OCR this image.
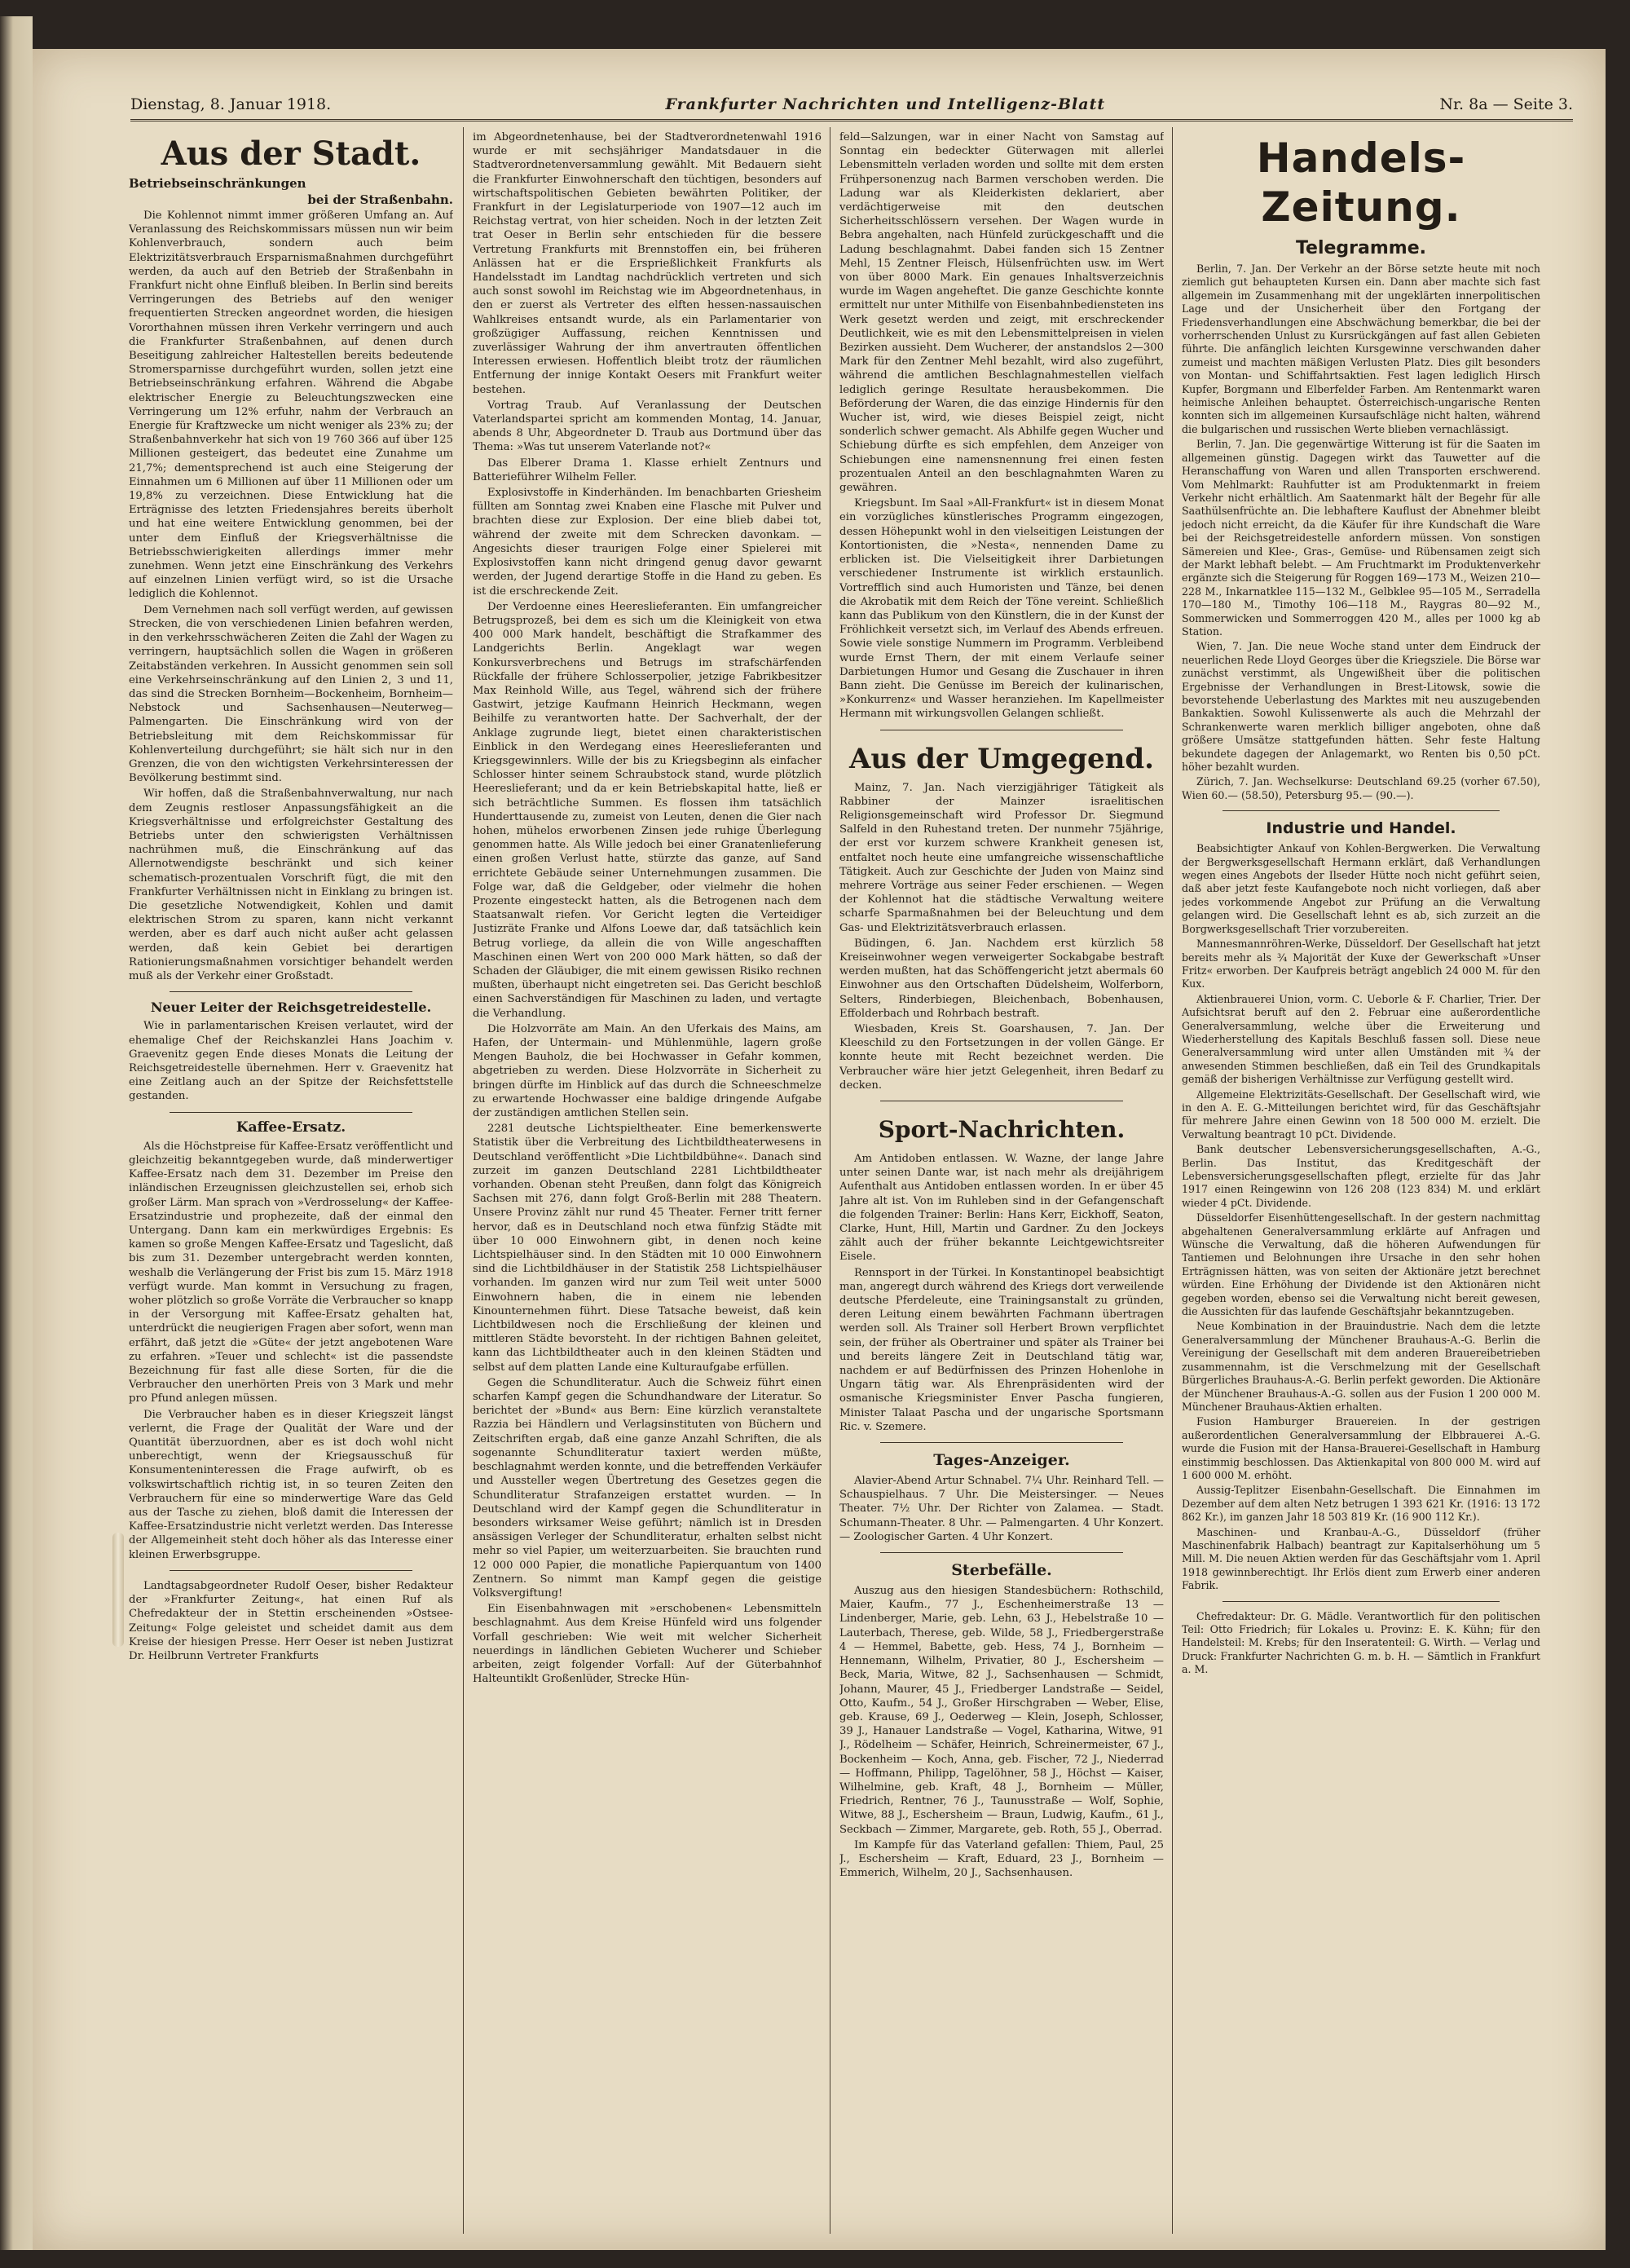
Dienstag, 8. Januar 1918.	Frankfurter Nachrichten und Intelligenz-Blatt	Nr. 8a — Seite 3.
Aus der Stadt.
Betriebseinschränkungen
bei der Straßenbahn.

Die Kohlennot nimmt immer größeren Umfang an. Auf Veranlassung des Reichskommissars müssen nun wir beim Kohlenverbrauch, sondern auch beim Elektrizitätsverbrauch Ersparnismaßnahmen durchgeführt werden, da auch auf den Betrieb der Straßenbahn in Frankfurt nicht ohne Einfluß bleiben. In Berlin sind bereits Verringerungen des Betriebs auf den weniger frequentierten Strecken angeordnet worden, die hiesigen Vororthahnen müssen ihren Verkehr verringern und auch die Frankfurter Straßenbahnen, auf denen durch Beseitigung zahlreicher Haltestellen bereits bedeutende Stromersparnisse durchgeführt wurden, sollen jetzt eine Betriebseinschränkung erfahren. Während die Abgabe elektrischer Energie zu Beleuchtungszwecken eine Verringerung um 12% erfuhr, nahm der Verbrauch an Energie für Kraftzwecke um nicht weniger als 23% zu; der Straßenbahnverkehr hat sich von 19 760 366 auf über 125 Millionen gesteigert, das bedeutet eine Zunahme um 21,7%; dementsprechend ist auch eine Steigerung der Einnahmen um 6 Millionen auf über 11 Millionen oder um 19,8% zu verzeichnen. Diese Entwicklung hat die Erträgnisse des letzten Friedensjahres bereits überholt und hat eine weitere Entwicklung genommen, bei der unter dem Einfluß der Kriegsverhältnisse die Betriebsschwierigkeiten allerdings immer mehr zunehmen. Wenn jetzt eine Einschränkung des Verkehrs auf einzelnen Linien verfügt wird, so ist die Ursache lediglich die Kohlennot.

Dem Vernehmen nach soll verfügt werden, auf gewissen Strecken, die von verschiedenen Linien befahren werden, in den verkehrsschwächeren Zeiten die Zahl der Wagen zu verringern, hauptsächlich sollen die Wagen in größeren Zeitabständen verkehren. In Aussicht genommen sein soll eine Verkehrseinschränkung auf den Linien 2, 3 und 11, das sind die Strecken Bornheim—Bockenheim, Bornheim—Nebstock und Sachsenhausen—Neuterweg—Palmengarten. Die Einschränkung wird von der Betriebsleitung mit dem Reichskommissar für Kohlenverteilung durchgeführt; sie hält sich nur in den Grenzen, die von den wichtigsten Verkehrsinteressen der Bevölkerung bestimmt sind.

Wir hoffen, daß die Straßenbahnverwaltung, nur nach dem Zeugnis restloser Anpassungsfähigkeit an die Kriegsverhältnisse und erfolgreichster Gestaltung des Betriebs unter den schwierigsten Verhältnissen nachrühmen muß, die Einschränkung auf das Allernotwendigste beschränkt und sich keiner schematisch-prozentualen Vorschrift fügt, die mit den Frankfurter Verhältnissen nicht in Einklang zu bringen ist. Die gesetzliche Notwendigkeit, Kohlen und damit elektrischen Strom zu sparen, kann nicht verkannt werden, aber es darf auch nicht außer acht gelassen werden, daß kein Gebiet bei derartigen Rationierungsmaßnahmen vorsichtiger behandelt werden muß als der Verkehr einer Großstadt.

Neuer Leiter der Reichsgetreidestelle.

Wie in parlamentarischen Kreisen verlautet, wird der ehemalige Chef der Reichskanzlei Hans Joachim v. Graevenitz gegen Ende dieses Monats die Leitung der Reichsgetreidestelle übernehmen. Herr v. Graevenitz hat eine Zeitlang auch an der Spitze der Reichsfettstelle gestanden.

Kaffee-Ersatz.

Als die Höchstpreise für Kaffee-Ersatz veröffentlicht und gleichzeitig bekanntgegeben wurde, daß minderwertiger Kaffee-Ersatz nach dem 31. Dezember im Preise den inländischen Erzeugnissen gleichzustellen sei, erhob sich großer Lärm. Man sprach von »Verdrosselung« der Kaffee-Ersatzindustrie und prophezeite, daß der einmal den Untergang. Dann kam ein merkwürdiges Ergebnis: Es kamen so große Mengen Kaffee-Ersatz und Tageslicht, daß bis zum 31. Dezember untergebracht werden konnten, weshalb die Verlängerung der Frist bis zum 15. März 1918 verfügt wurde. Man kommt in Versuchung zu fragen, woher plötzlich so große Vorräte die Verbraucher so knapp in der Versorgung mit Kaffee-Ersatz gehalten hat, unterdrückt die neugierigen Fragen aber sofort, wenn man erfährt, daß jetzt die »Güte« der jetzt angebotenen Ware zu erfahren. »Teuer und schlecht« ist die passendste Bezeichnung für fast alle diese Sorten, für die die Verbraucher den unerhörten Preis von 3 Mark und mehr pro Pfund anlegen müssen.

Die Verbraucher haben es in dieser Kriegszeit längst verlernt, die Frage der Qualität der Ware und der Quantität überzuordnen, aber es ist doch wohl nicht unberechtigt, wenn der Kriegsausschuß für Konsumenteninteressen die Frage aufwirft, ob es volkswirtschaftlich richtig ist, in so teuren Zeiten den Verbrauchern für eine so minderwertige Ware das Geld aus der Tasche zu ziehen, bloß damit die Interessen der Kaffee-Ersatzindustrie nicht verletzt werden. Das Interesse der Allgemeinheit steht doch höher als das Interesse einer kleinen Erwerbsgruppe.

Landtagsabgeordneter Rudolf Oeser, bisher Redakteur der »Frankfurter Zeitung«, hat einen Ruf als Chefredakteur der in Stettin erscheinenden »Ostsee-Zeitung« Folge geleistet und scheidet damit aus dem Kreise der hiesigen Presse. Herr Oeser ist neben Justizrat Dr. Heilbrunn Vertreter Frankfurts

im Abgeordnetenhause, bei der Stadtverordnetenwahl 1916 wurde er mit sechsjähriger Mandatsdauer in die Stadtverordnetenversammlung gewählt. Mit Bedauern sieht die Frankfurter Einwohnerschaft den tüchtigen, besonders auf wirtschaftspolitischen Gebieten bewährten Politiker, der Frankfurt in der Legislaturperiode von 1907—12 auch im Reichstag vertrat, von hier scheiden. Noch in der letzten Zeit trat Oeser in Berlin sehr entschieden für die bessere Vertretung Frankfurts mit Brennstoffen ein, bei früheren Anlässen hat er die Ersprießlichkeit Frankfurts als Handelsstadt im Landtag nachdrücklich vertreten und sich auch sonst sowohl im Reichstag wie im Abgeordnetenhaus, in den er zuerst als Vertreter des elften hessen-nassauischen Wahlkreises entsandt wurde, als ein Parlamentarier von großzügiger Auffassung, reichen Kenntnissen und zuverlässiger Wahrung der ihm anvertrauten öffentlichen Interessen erwiesen. Hoffentlich bleibt trotz der räumlichen Entfernung der innige Kontakt Oesers mit Frankfurt weiter bestehen.

Vortrag Traub. Auf Veranlassung der Deutschen Vaterlandspartei spricht am kommenden Montag, 14. Januar, abends 8 Uhr, Abgeordneter D. Traub aus Dortmund über das Thema: »Was tut unserem Vaterlande not?«

Das Elberer Drama 1. Klasse erhielt Zentnurs und Batterieführer Wilhelm Feller.

Explosivstoffe in Kinderhänden. Im benachbarten Griesheim füllten am Sonntag zwei Knaben eine Flasche mit Pulver und brachten diese zur Explosion. Der eine blieb dabei tot, während der zweite mit dem Schrecken davonkam. — Angesichts dieser traurigen Folge einer Spielerei mit Explosivstoffen kann nicht dringend genug davor gewarnt werden, der Jugend derartige Stoffe in die Hand zu geben. Es ist die erschreckende Zeit.

Der Verdoenne eines Heereslieferanten. Ein umfangreicher Betrugsprozeß, bei dem es sich um die Kleinigkeit von etwa 400 000 Mark handelt, beschäftigt die Strafkammer des Landgerichts Berlin. Angeklagt war wegen Konkursverbrechens und Betrugs im strafschärfenden Rückfalle der frühere Schlosserpolier, jetzige Fabrikbesitzer Max Reinhold Wille, aus Tegel, während sich der frühere Gastwirt, jetzige Kaufmann Heinrich Heckmann, wegen Beihilfe zu verantworten hatte. Der Sachverhalt, der der Anklage zugrunde liegt, bietet einen charakteristischen Einblick in den Werdegang eines Heereslieferanten und Kriegsgewinnlers. Wille der bis zu Kriegsbeginn als einfacher Schlosser hinter seinem Schraubstock stand, wurde plötzlich Heereslieferant; und da er kein Betriebskapital hatte, ließ er sich beträchtliche Summen. Es flossen ihm tatsächlich Hunderttausende zu, zumeist von Leuten, denen die Gier nach hohen, mühelos erworbenen Zinsen jede ruhige Überlegung genommen hatte. Als Wille jedoch bei einer Granatenlieferung einen großen Verlust hatte, stürzte das ganze, auf Sand errichtete Gebäude seiner Unternehmungen zusammen. Die Folge war, daß die Geldgeber, oder vielmehr die hohen Prozente eingesteckt hatten, als die Betrogenen nach dem Staatsanwalt riefen. Vor Gericht legten die Verteidiger Justizräte Franke und Alfons Loewe dar, daß tatsächlich kein Betrug vorliege, da allein die von Wille angeschafften Maschinen einen Wert von 200 000 Mark hätten, so daß der Schaden der Gläubiger, die mit einem gewissen Risiko rechnen mußten, überhaupt nicht eingetreten sei. Das Gericht beschloß einen Sachverständigen für Maschinen zu laden, und vertagte die Verhandlung.

Die Holzvorräte am Main. An den Uferkais des Mains, am Hafen, der Untermain- und Mühlenmühle, lagern große Mengen Bauholz, die bei Hochwasser in Gefahr kommen, abgetrieben zu werden. Diese Holzvorräte in Sicherheit zu bringen dürfte im Hinblick auf das durch die Schneeschmelze zu erwartende Hochwasser eine baldige dringende Aufgabe der zuständigen amtlichen Stellen sein.

2281 deutsche Lichtspieltheater. Eine bemerkenswerte Statistik über die Verbreitung des Lichtbildtheaterwesens in Deutschland veröffentlicht »Die Lichtbildbühne«. Danach sind zurzeit im ganzen Deutschland 2281 Lichtbildtheater vorhanden. Obenan steht Preußen, dann folgt das Königreich Sachsen mit 276, dann folgt Groß-Berlin mit 288 Theatern. Unsere Provinz zählt nur rund 45 Theater. Ferner tritt ferner hervor, daß es in Deutschland noch etwa fünfzig Städte mit über 10 000 Einwohnern gibt, in denen noch keine Lichtspielhäuser sind. In den Städten mit 10 000 Einwohnern sind die Lichtbildhäuser in der Statistik 258 Lichtspielhäuser vorhanden. Im ganzen wird nur zum Teil weit unter 5000 Einwohnern haben, die in einem nie lebenden Kinounternehmen führt. Diese Tatsache beweist, daß kein Lichtbildwesen noch die Erschließung der kleinen und mittleren Städte bevorsteht. In der richtigen Bahnen geleitet, kann das Lichtbildtheater auch in den kleinen Städten und selbst auf dem platten Lande eine Kulturaufgabe erfüllen.

Gegen die Schundliteratur. Auch die Schweiz führt einen scharfen Kampf gegen die Schundhandware der Literatur. So berichtet der »Bund« aus Bern: Eine kürzlich veranstaltete Razzia bei Händlern und Verlagsinstituten von Büchern und Zeitschriften ergab, daß eine ganze Anzahl Schriften, die als sogenannte Schundliteratur taxiert werden müßte, beschlagnahmt werden konnte, und die betreffenden Verkäufer und Aussteller wegen Übertretung des Gesetzes gegen die Schundliteratur Strafanzeigen erstattet wurden. — In Deutschland wird der Kampf gegen die Schundliteratur in besonders wirksamer Weise geführt; nämlich ist in Dresden ansässigen Verleger der Schundliteratur, erhalten selbst nicht mehr so viel Papier, um weiterzuarbeiten. Sie brauchten rund 12 000 000 Papier, die monatliche Papierquantum von 1400 Zentnern. So nimmt man Kampf gegen die geistige Volksvergiftung!

Ein Eisenbahnwagen mit »erschobenen« Lebensmitteln beschlagnahmt. Aus dem Kreise Hünfeld wird uns folgender Vorfall geschrieben: Wie weit mit welcher Sicherheit neuerdings in ländlichen Gebieten Wucherer und Schieber arbeiten, zeigt folgender Vorfall: Auf der Güterbahnhof Halteuntiklt Großenlüder, Strecke Hün-

feld—Salzungen, war in einer Nacht von Samstag auf Sonntag ein bedeckter Güterwagen mit allerlei Lebensmitteln verladen worden und sollte mit dem ersten Frühpersonenzug nach Barmen verschoben werden. Die Ladung war als Kleiderkisten deklariert, aber verdächtigerweise mit den deutschen Sicherheitsschlössern versehen. Der Wagen wurde in Bebra angehalten, nach Hünfeld zurückgeschafft und die Ladung beschlagnahmt. Dabei fanden sich 15 Zentner Mehl, 15 Zentner Fleisch, Hülsenfrüchten usw. im Wert von über 8000 Mark. Ein genaues Inhaltsverzeichnis wurde im Wagen angeheftet. Die ganze Geschichte konnte ermittelt nur unter Mithilfe von Eisenbahnbediensteten ins Werk gesetzt werden und zeigt, mit erschreckender Deutlichkeit, wie es mit den Lebensmittelpreisen in vielen Bezirken aussieht. Dem Wucherer, der anstandslos 2—300 Mark für den Zentner Mehl bezahlt, wird also zugeführt, während die amtlichen Beschlagnahmestellen vielfach lediglich geringe Resultate herausbekommen. Die Beförderung der Waren, die das einzige Hindernis für den Wucher ist, wird, wie dieses Beispiel zeigt, nicht sonderlich schwer gemacht. Als Abhilfe gegen Wucher und Schiebung dürfte es sich empfehlen, dem Anzeiger von Schiebungen eine namensnennung frei einen festen prozentualen Anteil an den beschlagnahmten Waren zu gewähren.

Kriegsbunt. Im Saal »All-Frankfurt« ist in diesem Monat ein vorzügliches künstlerisches Programm eingezogen, dessen Höhepunkt wohl in den vielseitigen Leistungen der Kontortionisten, die »Nesta«, nennenden Dame zu erblicken ist. Die Vielseitigkeit ihrer Darbietungen verschiedener Instrumente ist wirklich erstaunlich. Vortrefflich sind auch Humoristen und Tänze, bei denen die Akrobatik mit dem Reich der Töne vereint. Schließlich kann das Publikum von den Künstlern, die in der Kunst der Fröhlichkeit versetzt sich, im Verlauf des Abends erfreuen. Sowie viele sonstige Nummern im Programm. Verbleibend wurde Ernst Thern, der mit einem Verlaufe seiner Darbietungen Humor und Gesang die Zuschauer in ihren Bann zieht. Die Genüsse im Bereich der kulinarischen, »Konkurrenz« und Wasser heranziehen. Im Kapellmeister Hermann mit wirkungsvollen Gelangen schließt.

Aus der Umgegend.

Mainz, 7. Jan. Nach vierzigjähriger Tätigkeit als Rabbiner der Mainzer israelitischen Religionsgemeinschaft wird Professor Dr. Siegmund Salfeld in den Ruhestand treten. Der nunmehr 75jährige, der erst vor kurzem schwere Krankheit genesen ist, entfaltet noch heute eine umfangreiche wissenschaftliche Tätigkeit. Auch zur Geschichte der Juden von Mainz sind mehrere Vorträge aus seiner Feder erschienen. — Wegen der Kohlennot hat die städtische Verwaltung weitere scharfe Sparmaßnahmen bei der Beleuchtung und dem Gas- und Elektrizitätsverbrauch erlassen.

Büdingen, 6. Jan. Nachdem erst kürzlich 58 Kreiseinwohner wegen verweigerter Sockabgabe bestraft werden mußten, hat das Schöffengericht jetzt abermals 60 Einwohner aus den Ortschaften Düdelsheim, Wolferborn, Selters, Rinderbiegen, Bleichenbach, Bobenhausen, Effolderbach und Rohrbach bestraft.

Wiesbaden, Kreis St. Goarshausen, 7. Jan. Der Kleeschild zu den Fortsetzungen in der vollen Gänge. Er konnte heute mit Recht bezeichnet werden. Die Verbraucher wäre hier jetzt Gelegenheit, ihren Bedarf zu decken.

Sport-Nachrichten.

Am Antidoben entlassen. W. Wazne, der lange Jahre unter seinen Dante war, ist nach mehr als dreijährigem Aufenthalt aus Antidoben entlassen worden. In er über 45 Jahre alt ist. Von im Ruhleben sind in der Gefangenschaft die folgenden Trainer: Berlin: Hans Kerr, Eickhoff, Seaton, Clarke, Hunt, Hill, Martin und Gardner. Zu den Jockeys zählt auch der früher bekannte Leichtgewichtsreiter Eisele.

Rennsport in der Türkei. In Konstantinopel beabsichtigt man, angeregt durch während des Kriegs dort verweilende deutsche Pferdeleute, eine Trainingsanstalt zu gründen, deren Leitung einem bewährten Fachmann übertragen werden soll. Als Trainer soll Herbert Brown verpflichtet sein, der früher als Obertrainer und später als Trainer bei und bereits längere Zeit in Deutschland tätig war, nachdem er auf Bedürfnissen des Prinzen Hohenlohe in Ungarn tätig war. Als Ehrenpräsidenten wird der osmanische Kriegsminister Enver Pascha fungieren, Minister Talaat Pascha und der ungarische Sportsmann Ric. v. Szemere.

Tages-Anzeiger.

Alavier-Abend Artur Schnabel. 7¼ Uhr. Reinhard Tell. — Schauspielhaus. 7 Uhr. Die Meistersinger. — Neues Theater. 7½ Uhr. Der Richter von Zalamea. — Stadt. Schumann-Theater. 8 Uhr. — Palmengarten. 4 Uhr Konzert. — Zoologischer Garten. 4 Uhr Konzert.

Sterbefälle.

Auszug aus den hiesigen Standesbüchern: Rothschild, Maier, Kaufm., 77 J., Eschenheimerstraße 13 — Lindenberger, Marie, geb. Lehn, 63 J., Hebelstraße 10 — Lauterbach, Therese, geb. Wilde, 58 J., Friedbergerstraße 4 — Hemmel, Babette, geb. Hess, 74 J., Bornheim — Hennemann, Wilhelm, Privatier, 80 J., Eschersheim — Beck, Maria, Witwe, 82 J., Sachsenhausen — Schmidt, Johann, Maurer, 45 J., Friedberger Landstraße — Seidel, Otto, Kaufm., 54 J., Großer Hirschgraben — Weber, Elise, geb. Krause, 69 J., Oederweg — Klein, Joseph, Schlosser, 39 J., Hanauer Landstraße — Vogel, Katharina, Witwe, 91 J., Rödelheim — Schäfer, Heinrich, Schreinermeister, 67 J., Bockenheim — Koch, Anna, geb. Fischer, 72 J., Niederrad — Hoffmann, Philipp, Tagelöhner, 58 J., Höchst — Kaiser, Wilhelmine, geb. Kraft, 48 J., Bornheim — Müller, Friedrich, Rentner, 76 J., Taunusstraße — Wolf, Sophie, Witwe, 88 J., Eschersheim — Braun, Ludwig, Kaufm., 61 J., Seckbach — Zimmer, Margarete, geb. Roth, 55 J., Oberrad.

Im Kampfe für das Vaterland gefallen: Thiem, Paul, 25 J., Eschersheim — Kraft, Eduard, 23 J., Bornheim — Emmerich, Wilhelm, 20 J., Sachsenhausen.

Handels-Zeitung.
Telegramme.

Berlin, 7. Jan. Der Verkehr an der Börse setzte heute mit noch ziemlich gut behaupteten Kursen ein. Dann aber machte sich fast allgemein im Zusammenhang mit der ungeklärten innerpolitischen Lage und der Unsicherheit über den Fortgang der Friedensverhandlungen eine Abschwächung bemerkbar, die bei der vorherrschenden Unlust zu Kursrückgängen auf fast allen Gebieten führte. Die anfänglich leichten Kursgewinne verschwanden daher zumeist und machten mäßigen Verlusten Platz. Dies gilt besonders von Montan- und Schiffahrtsaktien. Fest lagen lediglich Hirsch Kupfer, Borgmann und Elberfelder Farben. Am Rentenmarkt waren heimische Anleihen behauptet. Österreichisch-ungarische Renten konnten sich im allgemeinen Kursaufschläge nicht halten, während die bulgarischen und russischen Werte blieben vernachlässigt.

Berlin, 7. Jan. Die gegenwärtige Witterung ist für die Saaten im allgemeinen günstig. Dagegen wirkt das Tauwetter auf die Heranschaffung von Waren und allen Transporten erschwerend. Vom Mehlmarkt: Rauhfutter ist am Produktenmarkt in freiem Verkehr nicht erhältlich. Am Saatenmarkt hält der Begehr für alle Saathülsenfrüchte an. Die lebhaftere Kauflust der Abnehmer bleibt jedoch nicht erreicht, da die Käufer für ihre Kundschaft die Ware bei der Reichsgetreidestelle anfordern müssen. Von sonstigen Sämereien und Klee-, Gras-, Gemüse- und Rübensamen zeigt sich der Markt lebhaft belebt. — Am Fruchtmarkt im Produktenverkehr ergänzte sich die Steigerung für Roggen 169—173 M., Weizen 210—228 M., Inkarnatklee 115—132 M., Gelbklee 95—105 M., Serradella 170—180 M., Timothy 106—118 M., Raygras 80—92 M., Sommerwicken und Sommerroggen 420 M., alles per 1000 kg ab Station.

Wien, 7. Jan. Die neue Woche stand unter dem Eindruck der neuerlichen Rede Lloyd Georges über die Kriegsziele. Die Börse war zunächst verstimmt, als Ungewißheit über die politischen Ergebnisse der Verhandlungen in Brest-Litowsk, sowie die bevorstehende Ueberlastung des Marktes mit neu auszugebenden Bankaktien. Sowohl Kulissenwerte als auch die Mehrzahl der Schrankenwerte waren merklich billiger angeboten, ohne daß größere Umsätze stattgefunden hätten. Sehr feste Haltung bekundete dagegen der Anlagemarkt, wo Renten bis 0,50 pCt. höher bezahlt wurden.

Zürich, 7. Jan. Wechselkurse: Deutschland 69.25 (vorher 67.50), Wien 60.— (58.50), Petersburg 95.— (90.—).

Industrie und Handel.

Beabsichtigter Ankauf von Kohlen-Bergwerken. Die Verwaltung der Bergwerksgesellschaft Hermann erklärt, daß Verhandlungen wegen eines Angebots der Ilseder Hütte noch nicht geführt seien, daß aber jetzt feste Kaufangebote noch nicht vorliegen, daß aber jedes vorkommende Angebot zur Prüfung an die Verwaltung gelangen wird. Die Gesellschaft lehnt es ab, sich zurzeit an die Borgwerksgesellschaft Trier vorzubereiten.

Mannesmannröhren-Werke, Düsseldorf. Der Gesellschaft hat jetzt bereits mehr als ¾ Majorität der Kuxe der Gewerkschaft »Unser Fritz« erworben. Der Kaufpreis beträgt angeblich 24 000 M. für den Kux.

Aktienbrauerei Union, vorm. C. Ueborle & F. Charlier, Trier. Der Aufsichtsrat beruft auf den 2. Februar eine außerordentliche Generalversammlung, welche über die Erweiterung und Wiederherstellung des Kapitals Beschluß fassen soll. Diese neue Generalversammlung wird unter allen Umständen mit ¾ der anwesenden Stimmen beschließen, daß ein Teil des Grundkapitals gemäß der bisherigen Verhältnisse zur Verfügung gestellt wird.

Allgemeine Elektrizitäts-Gesellschaft. Der Gesellschaft wird, wie in den A. E. G.-Mitteilungen berichtet wird, für das Geschäftsjahr für mehrere Jahre einen Gewinn von 18 500 000 M. erzielt. Die Verwaltung beantragt 10 pCt. Dividende.

Bank deutscher Lebensversicherungsgesellschaften, A.-G., Berlin. Das Institut, das Kreditgeschäft der Lebensversicherungsgesellschaften pflegt, erzielte für das Jahr 1917 einen Reingewinn von 126 208 (123 834) M. und erklärt wieder 4 pCt. Dividende.

Düsseldorfer Eisenhüttengesellschaft. In der gestern nachmittag abgehaltenen Generalversammlung erklärte auf Anfragen und Wünsche die Verwaltung, daß die höheren Aufwendungen für Tantiemen und Belohnungen ihre Ursache in den sehr hohen Erträgnissen hätten, was von seiten der Aktionäre jetzt berechnet würden. Eine Erhöhung der Dividende ist den Aktionären nicht gegeben worden, ebenso sei die Verwaltung nicht bereit gewesen, die Aussichten für das laufende Geschäftsjahr bekanntzugeben.

Neue Kombination in der Brauindustrie. Nach dem die letzte Generalversammlung der Münchener Brauhaus-A.-G. Berlin die Vereinigung der Gesellschaft mit dem anderen Brauereibetrieben zusammennahm, ist die Verschmelzung mit der Gesellschaft Bürgerliches Brauhaus-A.-G. Berlin perfekt geworden. Die Aktionäre der Münchener Brauhaus-A.-G. sollen aus der Fusion 1 200 000 M. Münchener Brauhaus-Aktien erhalten.

Fusion Hamburger Brauereien. In der gestrigen außerordentlichen Generalversammlung der Elbbrauerei A.-G. wurde die Fusion mit der Hansa-Brauerei-Gesellschaft in Hamburg einstimmig beschlossen. Das Aktienkapital von 800 000 M. wird auf 1 600 000 M. erhöht.

Aussig-Teplitzer Eisenbahn-Gesellschaft. Die Einnahmen im Dezember auf dem alten Netz betrugen 1 393 621 Kr. (1916: 13 172 862 Kr.), im ganzen Jahr 18 503 819 Kr. (16 900 112 Kr.).

Maschinen- und Kranbau-A.-G., Düsseldorf (früher Maschinenfabrik Halbach) beantragt zur Kapitalserhöhung um 5 Mill. M. Die neuen Aktien werden für das Geschäftsjahr vom 1. April 1918 gewinnberechtigt. Ihr Erlös dient zum Erwerb einer anderen Fabrik.

Chefredakteur: Dr. G. Mädle. Verantwortlich für den politischen Teil: Otto Friedrich; für Lokales u. Provinz: E. K. Kühn; für den Handelsteil: M. Krebs; für den Inseratenteil: G. Wirth. — Verlag und Druck: Frankfurter Nachrichten G. m. b. H. — Sämtlich in Frankfurt a. M.
